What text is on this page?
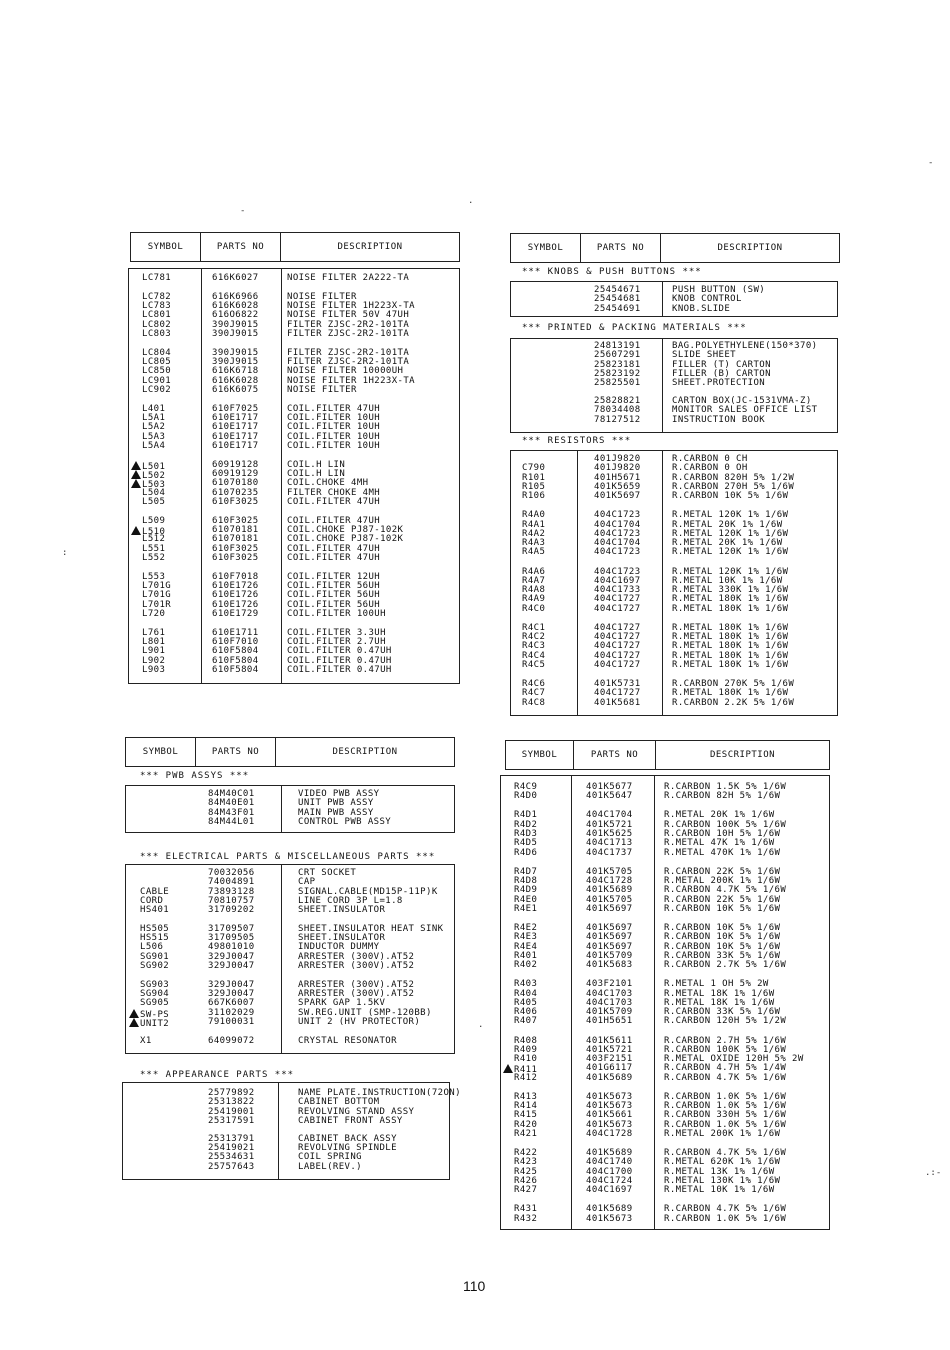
SYMBOL	PARTS NO	DESCRIPTION
LC781	616K6027	NOISE FILTER 2A222-TA
LC782	616K6966	NOISE FILTER
LC783	616K6028	NOISE FILTER 1H223X-TA
LC801	616O6822	NOISE FILTER 50V 47UH
LC802	390J9015	FILTER ZJSC-2R2-101TA
LC803	390J9015	FILTER ZJSC-2R2-101TA
LC804	390J9015	FILTER ZJSC-2R2-101TA
LC805	390J9015	FILTER ZJSC-2R2-101TA
LC850	616K6718	NOISE FILTER 10000UH
LC901	616K6028	NOISE FILTER 1H223X-TA
LC902	616K6075	NOISE FILTER
L401	610F7025	COIL.FILTER 47UH
L5A1	610E1717	COIL.FILTER 10UH
L5A2	610E1717	COIL.FILTER 10UH
L5A3	610E1717	COIL.FILTER 10UH
L5A4	610E1717	COIL.FILTER 10UH
L501	60919128	COIL.H LIN
L502	60919129	COIL.H LIN
L503	61070180	COIL.CHOKE 4MH
L504	61070235	FILTER CHOKE 4MH
L505	610F3025	COIL.FILTER 47UH
L509	610F3025	COIL.FILTER 47UH
L510	61070181	COIL.CHOKE PJ87-102K
L512	61070181	COIL.CHOKE PJ87-102K
L551	610F3025	COIL.FILTER 47UH
L552	610F3025	COIL.FILTER 47UH
L553	610F7018	COIL.FILTER 12UH
L701G	610E1726	COIL.FILTER 56UH
L701G	610E1726	COIL.FILTER 56UH
L701R	610E1726	COIL.FILTER 56UH
L720	610E1729	COIL.FILTER 100UH
L761	610E1711	COIL.FILTER 3.3UH
L801	610F7010	COIL.FILTER 2.7UH
L901	610F5804	COIL.FILTER 0.47UH
L902	610F5804	COIL.FILTER 0.47UH
L903	610F5804	COIL.FILTER 0.47UH
SYMBOL	PARTS NO	DESCRIPTION
*** PWB ASSYS ***
*** ELECTRICAL PARTS & MISCELLANEOUS PARTS ***
*** APPEARANCE PARTS ***
84M40C01	VIDEO PWB ASSY
84M40E01	UNIT PWB ASSY
84M43F01	MAIN PWB ASSY
84M44L01	CONTROL PWB ASSY
70032056	CRT SOCKET
74004891	CAP
CABLE	73893128	SIGNAL.CABLE(MD15P-11P)K
CORD	70810757	LINE CORD 3P L=1.8
HS401	31709202	SHEET.INSULATOR
HS505	31709507	SHEET.INSULATOR HEAT SINK
HS515	31709505	SHEET.INSULATOR
L506	49801010	INDUCTOR DUMMY
SG901	329J0047	ARRESTER (300V).AT52
SG902	329J0047	ARRESTER (300V).AT52
SG903	329J0047	ARRESTER (300V).AT52
SG904	329J0047	ARRESTER (300V).AT52
SG905	667K6007	SPARK GAP 1.5KV
SW-PS	31102029	SW.REG.UNIT (SMP-120BB)
UNIT2	79100031	UNIT 2 (HV PROTECTOR)
X1	64099072	CRYSTAL RESONATOR
25779892	NAME PLATE.INSTRUCTION(72ON)
25313822	CABINET BOTTOM
25419001	REVOLVING STAND ASSY
25317591	CABINET FRONT ASSY
25313791	CABINET BACK ASSY
25419021	REVOLVING SPINDLE
25534631	COIL SPRING
25757643	LABEL(REV.)
SYMBOL	PARTS NO	DESCRIPTION
*** KNOBS & PUSH BUTTONS ***
*** PRINTED & PACKING MATERIALS ***
*** RESISTORS ***
25454671	PUSH BUTTON (SW)
25454681	KNOB CONTROL
25454691	KNOB.SLIDE
24813191	BAG.POLYETHYLENE(150*370)
25607291	SLIDE SHEET
25823181	FILLER (T) CARTON
25823192	FILLER (B) CARTON
25825501	SHEET.PROTECTION
25828821	CARTON BOX(JC-1531VMA-Z)
78034408	MONITOR SALES OFFICE LIST
78127512	INSTRUCTION BOOK
401J9820	R.CARBON 0 CH
C790	401J9820	R.CARBON 0 OH
R101	401H5671	R.CARBON 820H 5% 1/2W
R105	401K5659	R.CARBON 270H 5% 1/6W
R106	401K5697	R.CARBON 10K 5% 1/6W
R4A0	404C1723	R.METAL 120K 1% 1/6W
R4A1	404C1704	R.METAL 20K 1% 1/6W
R4A2	404C1723	R.METAL 120K 1% 1/6W
R4A3	404C1704	R.METAL 20K 1% 1/6W
R4A5	404C1723	R.METAL 120K 1% 1/6W
R4A6	404C1723	R.METAL 120K 1% 1/6W
R4A7	404C1697	R.METAL 10K 1% 1/6W
R4A8	404C1733	R.METAL 330K 1% 1/6W
R4A9	404C1727	R.METAL 180K 1% 1/6W
R4C0	404C1727	R.METAL 180K 1% 1/6W
R4C1	404C1727	R.METAL 180K 1% 1/6W
R4C2	404C1727	R.METAL 180K 1% 1/6W
R4C3	404C1727	R.METAL 180K 1% 1/6W
R4C4	404C1727	R.METAL 180K 1% 1/6W
R4C5	404C1727	R.METAL 180K 1% 1/6W
R4C6	401K5731	R.CARBON 270K 5% 1/6W
R4C7	404C1727	R.METAL 180K 1% 1/6W
R4C8	401K5681	R.CARBON 2.2K 5% 1/6W
SYMBOL	PARTS NO	DESCRIPTION
R4C9	401K5677	R.CARBON 1.5K 5% 1/6W
R4D0	401K5647	R.CARBON 82H 5% 1/6W
R4D1	404C1704	R.METAL 20K 1% 1/6W
R4D2	401K5721	R.CARBON 100K 5% 1/6W
R4D3	401K5625	R.CARBON 10H 5% 1/6W
R4D5	404C1713	R.METAL 47K 1% 1/6W
R4D6	404C1737	R.METAL 470K 1% 1/6W
R4D7	401K5705	R.CARBON 22K 5% 1/6W
R4D8	404C1728	R.METAL 200K 1% 1/6W
R4D9	401K5689	R.CARBON 4.7K 5% 1/6W
R4E0	401K5705	R.CARBON 22K 5% 1/6W
R4E1	401K5697	R.CARBON 10K 5% 1/6W
R4E2	401K5697	R.CARBON 10K 5% 1/6W
R4E3	401K5697	R.CARBON 10K 5% 1/6W
R4E4	401K5697	R.CARBON 10K 5% 1/6W
R401	401K5709	R.CARBON 33K 5% 1/6W
R402	401K5683	R.CARBON 2.7K 5% 1/6W
R403	403F2101	R.METAL 1 OH 5% 2W
R404	404C1703	R.METAL 18K 1% 1/6W
R405	404C1703	R.METAL 18K 1% 1/6W
R406	401K5709	R.CARBON 33K 5% 1/6W
R407	401H5651	R.CARBON 120H 5% 1/2W
R408	401K5611	R.CARBON 2.7H 5% 1/6W
R409	401K5721	R.CARBON 100K 5% 1/6W
R410	403F2151	R.METAL OXIDE 120H 5% 2W
R411	401G6117	R.CARBON 4.7H 5% 1/4W
R412	401K5689	R.CARBON 4.7K 5% 1/6W
R413	401K5673	R.CARBON 1.0K 5% 1/6W
R414	401K5673	R.CARBON 1.0K 5% 1/6W
R415	401K5661	R.CARBON 330H 5% 1/6W
R420	401K5673	R.CARBON 1.0K 5% 1/6W
R421	404C1728	R.METAL 200K 1% 1/6W
R422	401K5689	R.CARBON 4.7K 5% 1/6W
R423	404C1740	R.METAL 620K 1% 1/6W
R425	404C1700	R.METAL 13K 1% 1/6W
R426	404C1724	R.METAL 130K 1% 1/6W
R427	404C1697	R.METAL 10K 1% 1/6W
R431	401K5689	R.CARBON 4.7K 5% 1/6W
R432	401K5673	R.CARBON 1.0K 5% 1/6W
110
-
.
-
:
.
.:-
